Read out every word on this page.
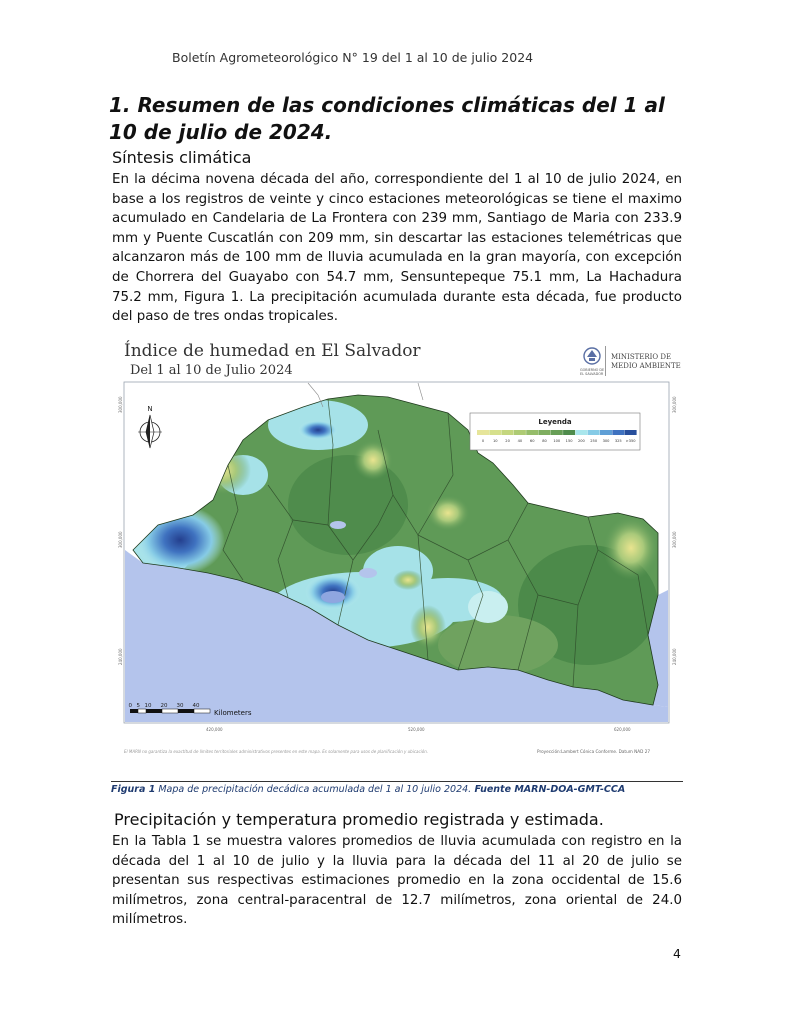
Boletín Agrometeorológico N° 19 del 1 al 10 de julio 2024
1. Resumen de las condiciones climáticas del 1 al 10 de julio de 2024.
Síntesis climática

En la décima novena década del año, correspondiente del 1 al 10 de julio 2024, en base a los registros de veinte y cinco estaciones meteorológicas se tiene el maximo acumulado en Candelaria de La Frontera con 239 mm, Santiago de Maria con 233.9 mm y Puente Cuscatlán con 209 mm, sin descartar las estaciones telemétricas que alcanzaron más de 100 mm de lluvia acumulada en la gran mayoría, con excepción de Chorrera del Guayabo con 54.7 mm, Sensuntepeque 75.1 mm, La Hachadura 75.2 mm, Figura 1. La precipitación acumulada durante esta década, fue producto del paso de tres ondas tropicales.

Índice de humedad en El Salvador
Del 1 al 10 de Julio 2024	GOBIERNO DE
EL SALVADOR
MINISTERIO DE
MEDIO AMBIENTE
N
Leyenda
0 10 20 40 60 80 100 150 200 250 300 325 >350
300,000	300,000
300,000	300,000
240,000	240,000
420,000	520,000	620,000
0 5 10 20 30 40
Kilometers
El MARN no garantiza la exactitud de límites territoriales administrativos presentes en este mapa. Es solamente para usos de planificación y ubicación.	Proyección:Lambert Cónica Conforme. Datum NAD 27
Figura 1 Mapa de precipitación decádica acumulada del 1 al 10 julio 2024. Fuente MARN-DOA-GMT-CCA
Precipitación y temperatura promedio registrada y estimada.

En la Tabla 1 se muestra valores promedios de lluvia acumulada con registro en la década del 1 al 10 de julio y la lluvia para la década del 11 al 20 de julio se presentan sus respectivas estimaciones promedio en la zona occidental de 15.6 milímetros, zona central-paracentral de 12.7 milímetros, zona oriental de 24.0 milímetros.

4
